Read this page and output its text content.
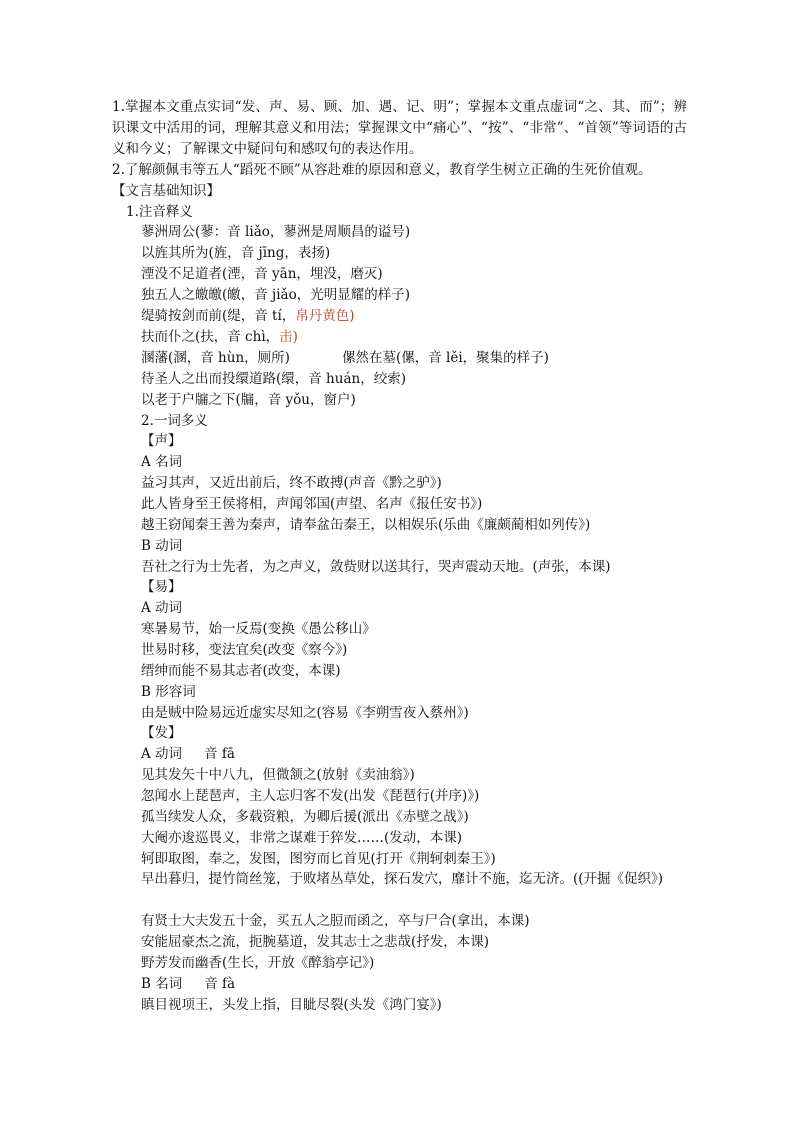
1.掌握本文重点实词“发、声、易、顾、加、遇、记、明”；掌握本文重点虚词“之、其、而”；辨识课文中活用的词，理解其意义和用法；掌握课文中“痛心”、“按”、“非常”、“首领”等词语的古义和今义；了解课文中疑问句和感叹句的表达作用。
2.了解颜佩韦等五人“蹈死不顾”从容赴难的原因和意义，教育学生树立正确的生死价值观。
【文言基础知识】
1.注音释义
蓼洲周公(蓼：音 liǎo，蓼洲是周顺昌的谥号)
以旌其所为(旌，音 jīng，表扬)
湮没不足道者(湮，音 yān，埋没，磨灭)
独五人之皦皦(皦，音 jiǎo，光明显耀的样子)
缇骑按剑而前(缇，音 tí，帛丹黄色)
扶而仆之(扶，音 chì，击)
溷藩(溷，音 hùn，厕所)	傫然在墓(傫，音 lěi，聚集的样子)
待圣人之出而投缳道路(缳，音 huán，绞索)
以老于户牖之下(牖，音 yǒu，窗户)
2.一词多义
【声】
A 名词
益习其声，又近出前后，终不敢搏(声音《黔之驴》)
此人皆身至王侯将相，声闻邻国(声望、名声《报任安书》)
越王窃闻秦王善为秦声，请奉盆缶秦王，以相娱乐(乐曲《廉颇蔺相如列传》)
B 动词
吾社之行为士先者，为之声义，敛赀财以送其行，哭声震动天地。(声张，本课)
【易】
A 动词
寒暑易节，始一反焉(变换《愚公移山》
世易时移，变法宜矣(改变《察今》)
缙绅而能不易其志者(改变，本课)
B 形容词
由是贼中险易远近虚实尽知之(容易《李朔雪夜入蔡州》)
【发】
A 动词 音 fā
见其发矢十中八九，但微颔之(放射《卖油翁》)
忽闻水上琵琶声，主人忘归客不发(出发《琵琶行(并序)》)
孤当续发人众，多载资粮，为卿后援(派出《赤壁之战》)
大阉亦逡巡畏义，非常之谋难于猝发……(发动，本课)
轲即取图，奉之，发图，图穷而匕首见(打开《荆轲刺秦王》)
早出暮归，提竹筒丝笼，于败堵丛草处，探石发穴，靡计不施，迄无济。((开掘《促织》)
有贤士大夫发五十金，买五人之脰而函之，卒与尸合(拿出，本课)
安能屈豪杰之流，扼腕墓道，发其志士之悲哉(抒发，本课)
野芳发而幽香(生长，开放《醉翁亭记》)
B 名词 音 fà
瞋目视项王，头发上指，目眦尽裂(头发《鸿门宴》)
